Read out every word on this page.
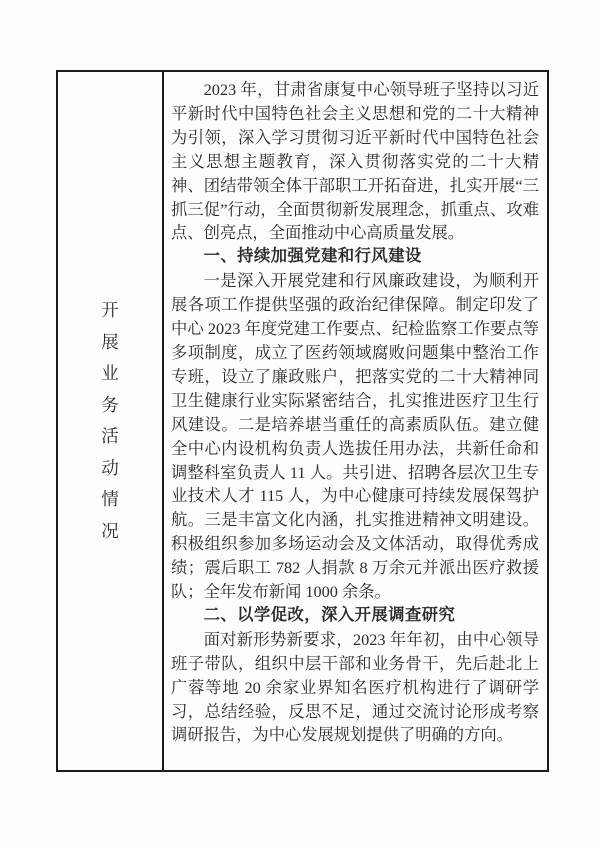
开
展
业
务
活
动
情
况

2023 年，甘肃省康复中心领导班子坚持以习近平新时代中国特色社会主义思想和党的二十大精神为引领，深入学习贯彻习近平新时代中国特色社会主义思想主题教育，深入贯彻落实党的二十大精神、团结带领全体干部职工开拓奋进，扎实开展“三抓三促”行动，全面贯彻新发展理念，抓重点、攻难点、创亮点，全面推动中心高质量发展。

一、持续加强党建和行风建设

一是深入开展党建和行风廉政建设，为顺利开展各项工作提供坚强的政治纪律保障。制定印发了中心 2023 年度党建工作要点、纪检监察工作要点等多项制度，成立了医药领域腐败问题集中整治工作专班，设立了廉政账户，把落实党的二十大精神同卫生健康行业实际紧密结合，扎实推进医疗卫生行风建设。二是培养堪当重任的高素质队伍。建立健全中心内设机构负责人选拔任用办法，共新任命和调整科室负责人 11 人。共引进、招聘各层次卫生专业技术人才 115 人，为中心健康可持续发展保驾护航。三是丰富文化内涵，扎实推进精神文明建设。积极组织参加多场运动会及文体活动，取得优秀成绩；震后职工 782 人捐款 8 万余元并派出医疗救援队；全年发布新闻 1000 余条。

二、以学促改，深入开展调查研究

面对新形势新要求，2023 年年初，由中心领导班子带队，组织中层干部和业务骨干，先后赴北上广蓉等地 20 余家业界知名医疗机构进行了调研学习，总结经验，反思不足，通过交流讨论形成考察调研报告，为中心发展规划提供了明确的方向。
